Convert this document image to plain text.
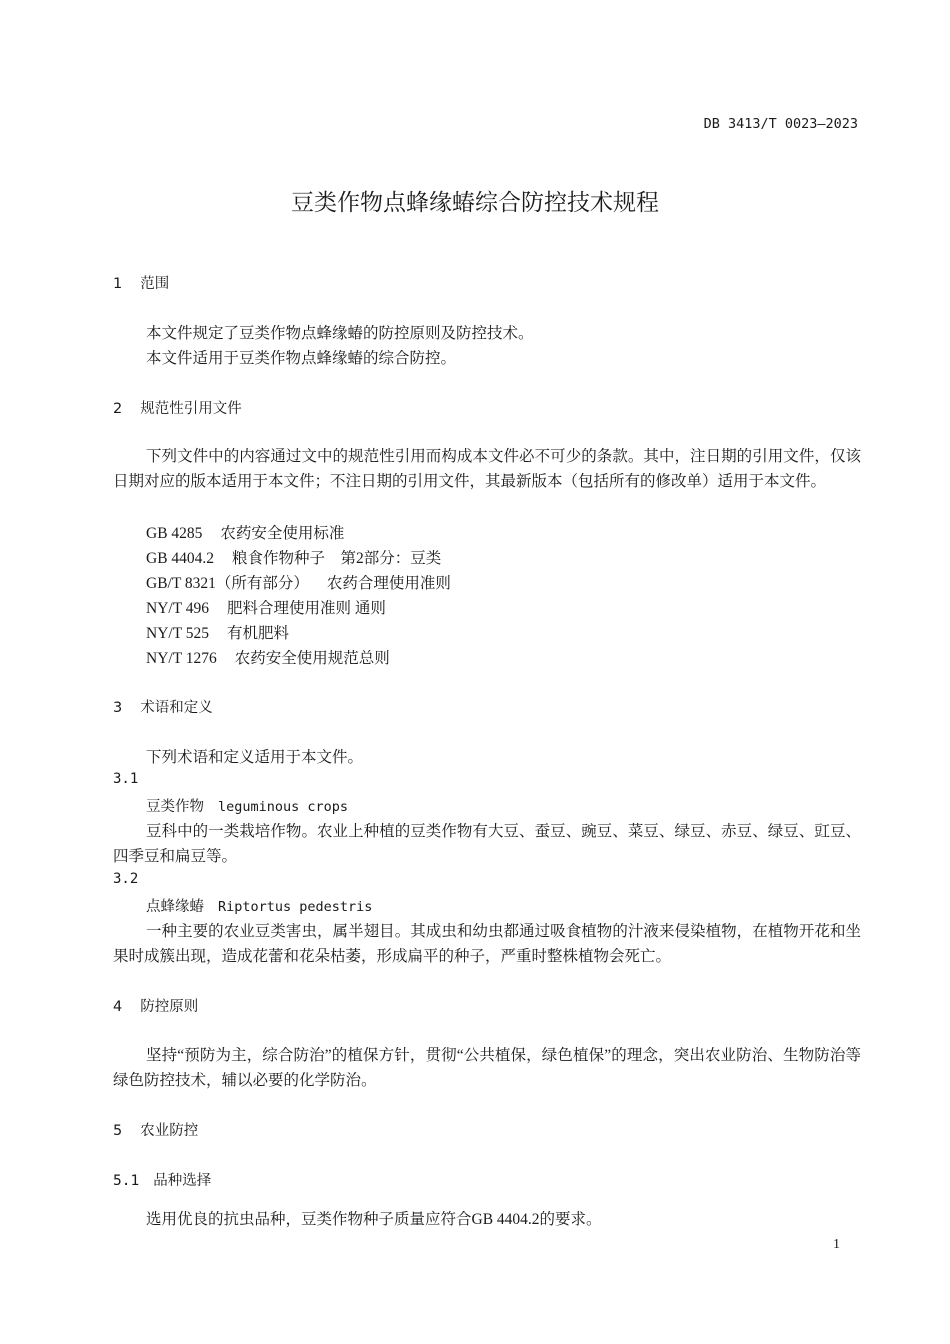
DB 3413/T 0023—2023
豆类作物点蜂缘蝽综合防控技术规程
1 范围
本文件规定了豆类作物点蜂缘蝽的防控原则及防控技术。
本文件适用于豆类作物点蜂缘蝽的综合防控。
2 规范性引用文件
下列文件中的内容通过文中的规范性引用而构成本文件必不可少的条款。其中，注日期的引用文件，仅该日期对应的版本适用于本文件；不注日期的引用文件，其最新版本（包括所有的修改单）适用于本文件。
GB 4285 农药安全使用标准
GB 4404.2 粮食作物种子　第2部分：豆类
GB/T 8321（所有部分） 农药合理使用准则
NY/T 496 肥料合理使用准则 通则
NY/T 525 有机肥料
NY/T 1276 农药安全使用规范总则
3 术语和定义
下列术语和定义适用于本文件。
3.1
豆类作物 leguminous crops
豆科中的一类栽培作物。农业上种植的豆类作物有大豆、蚕豆、豌豆、菜豆、绿豆、赤豆、绿豆、豇豆、四季豆和扁豆等。
3.2
点蜂缘蝽 Riptortus pedestris
一种主要的农业豆类害虫，属半翅目。其成虫和幼虫都通过吸食植物的汁液来侵染植物，在植物开花和坐果时成簇出现，造成花蕾和花朵枯萎，形成扁平的种子，严重时整株植物会死亡。
4 防控原则
坚持“预防为主，综合防治”的植保方针，贯彻“公共植保，绿色植保”的理念，突出农业防治、生物防治等绿色防控技术，辅以必要的化学防治。
5 农业防控
5.1 品种选择
选用优良的抗虫品种，豆类作物种子质量应符合GB 4404.2的要求。
1
